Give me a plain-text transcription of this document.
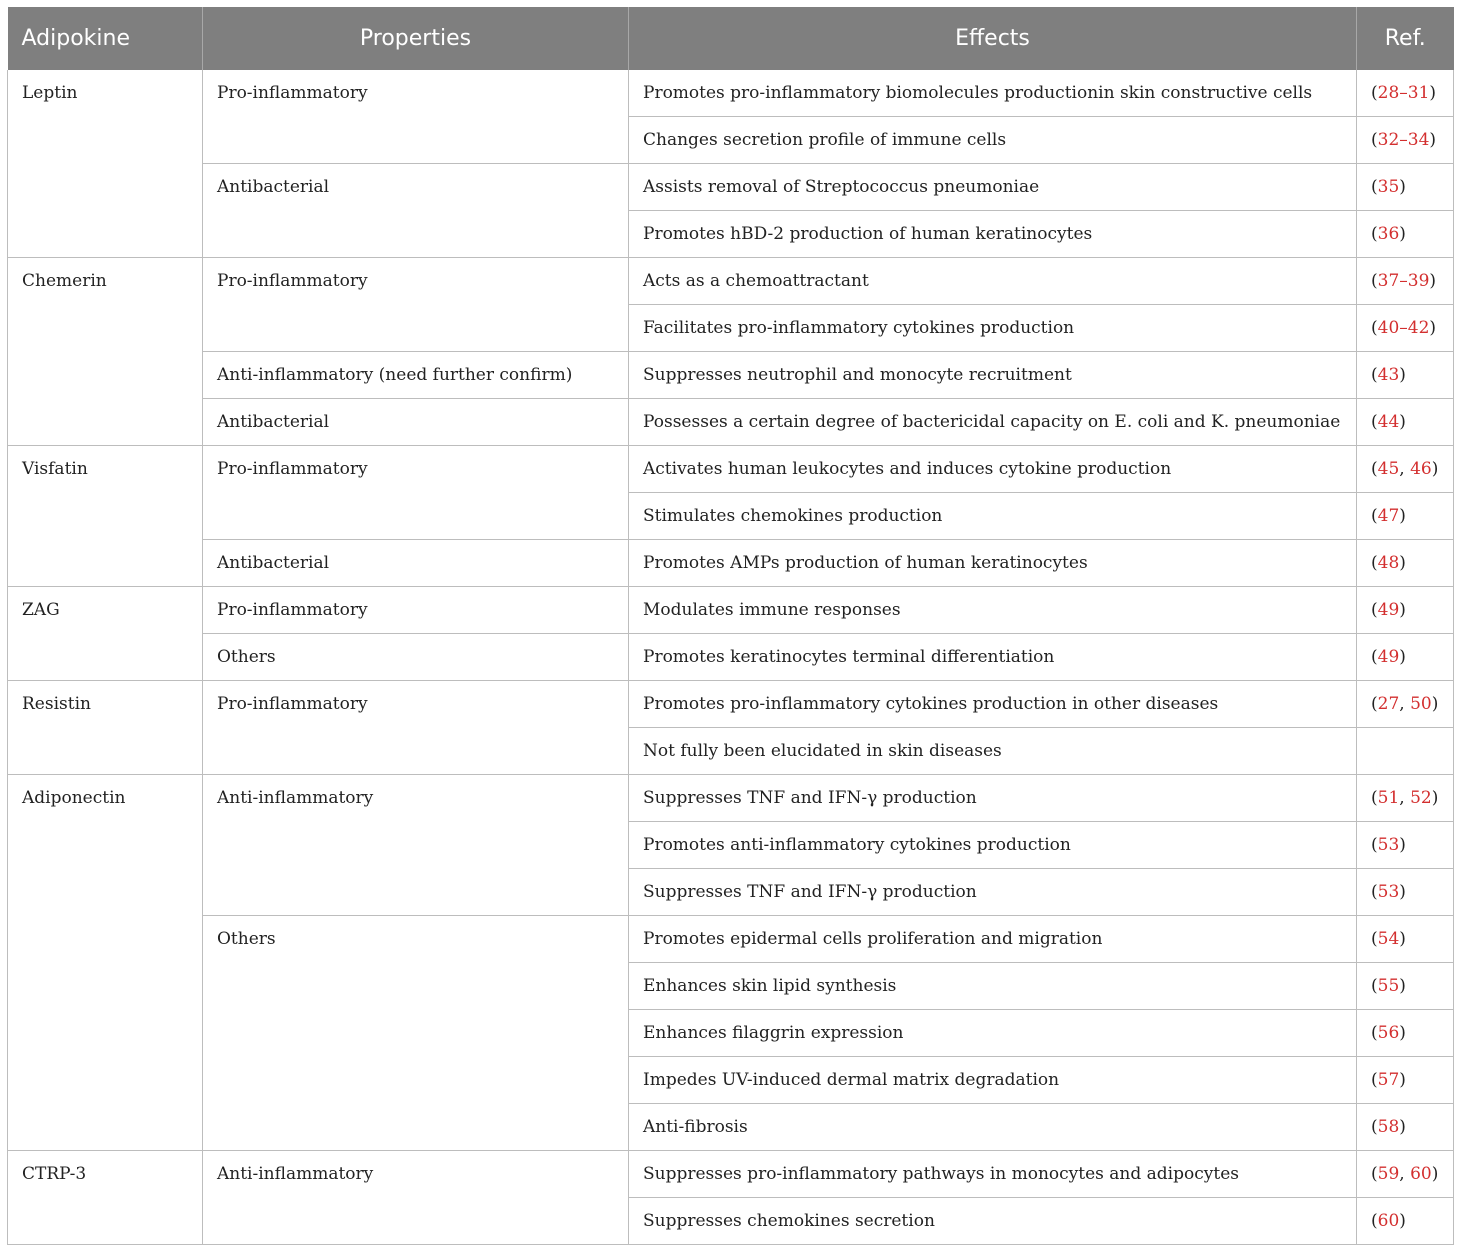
Adipokine	Properties	Effects	Ref.
Leptin	Pro-inflammatory	Promotes pro-inflammatory biomolecules productionin skin constructive cells	(28–31)
		Changes secretion profile of immune cells	(32–34)
	Antibacterial	Assists removal of Streptococcus pneumoniae	(35)
		Promotes hBD-2 production of human keratinocytes	(36)
Chemerin	Pro-inflammatory	Acts as a chemoattractant	(37–39)
		Facilitates pro-inflammatory cytokines production	(40–42)
	Anti-inflammatory (need further confirm)	Suppresses neutrophil and monocyte recruitment	(43)
	Antibacterial	Possesses a certain degree of bactericidal capacity on E. coli and K. pneumoniae	(44)
Visfatin	Pro-inflammatory	Activates human leukocytes and induces cytokine production	(45, 46)
		Stimulates chemokines production	(47)
	Antibacterial	Promotes AMPs production of human keratinocytes	(48)
ZAG	Pro-inflammatory	Modulates immune responses	(49)
	Others	Promotes keratinocytes terminal differentiation	(49)
Resistin	Pro-inflammatory	Promotes pro-inflammatory cytokines production in other diseases	(27, 50)
		Not fully been elucidated in skin diseases	
Adiponectin	Anti-inflammatory	Suppresses TNF and IFN-γ production	(51, 52)
		Promotes anti-inflammatory cytokines production	(53)
		Suppresses TNF and IFN-γ production	(53)
	Others	Promotes epidermal cells proliferation and migration	(54)
		Enhances skin lipid synthesis	(55)
		Enhances filaggrin expression	(56)
		Impedes UV-induced dermal matrix degradation	(57)
		Anti-fibrosis	(58)
CTRP-3	Anti-inflammatory	Suppresses pro-inflammatory pathways in monocytes and adipocytes	(59, 60)
		Suppresses chemokines secretion	(60)
